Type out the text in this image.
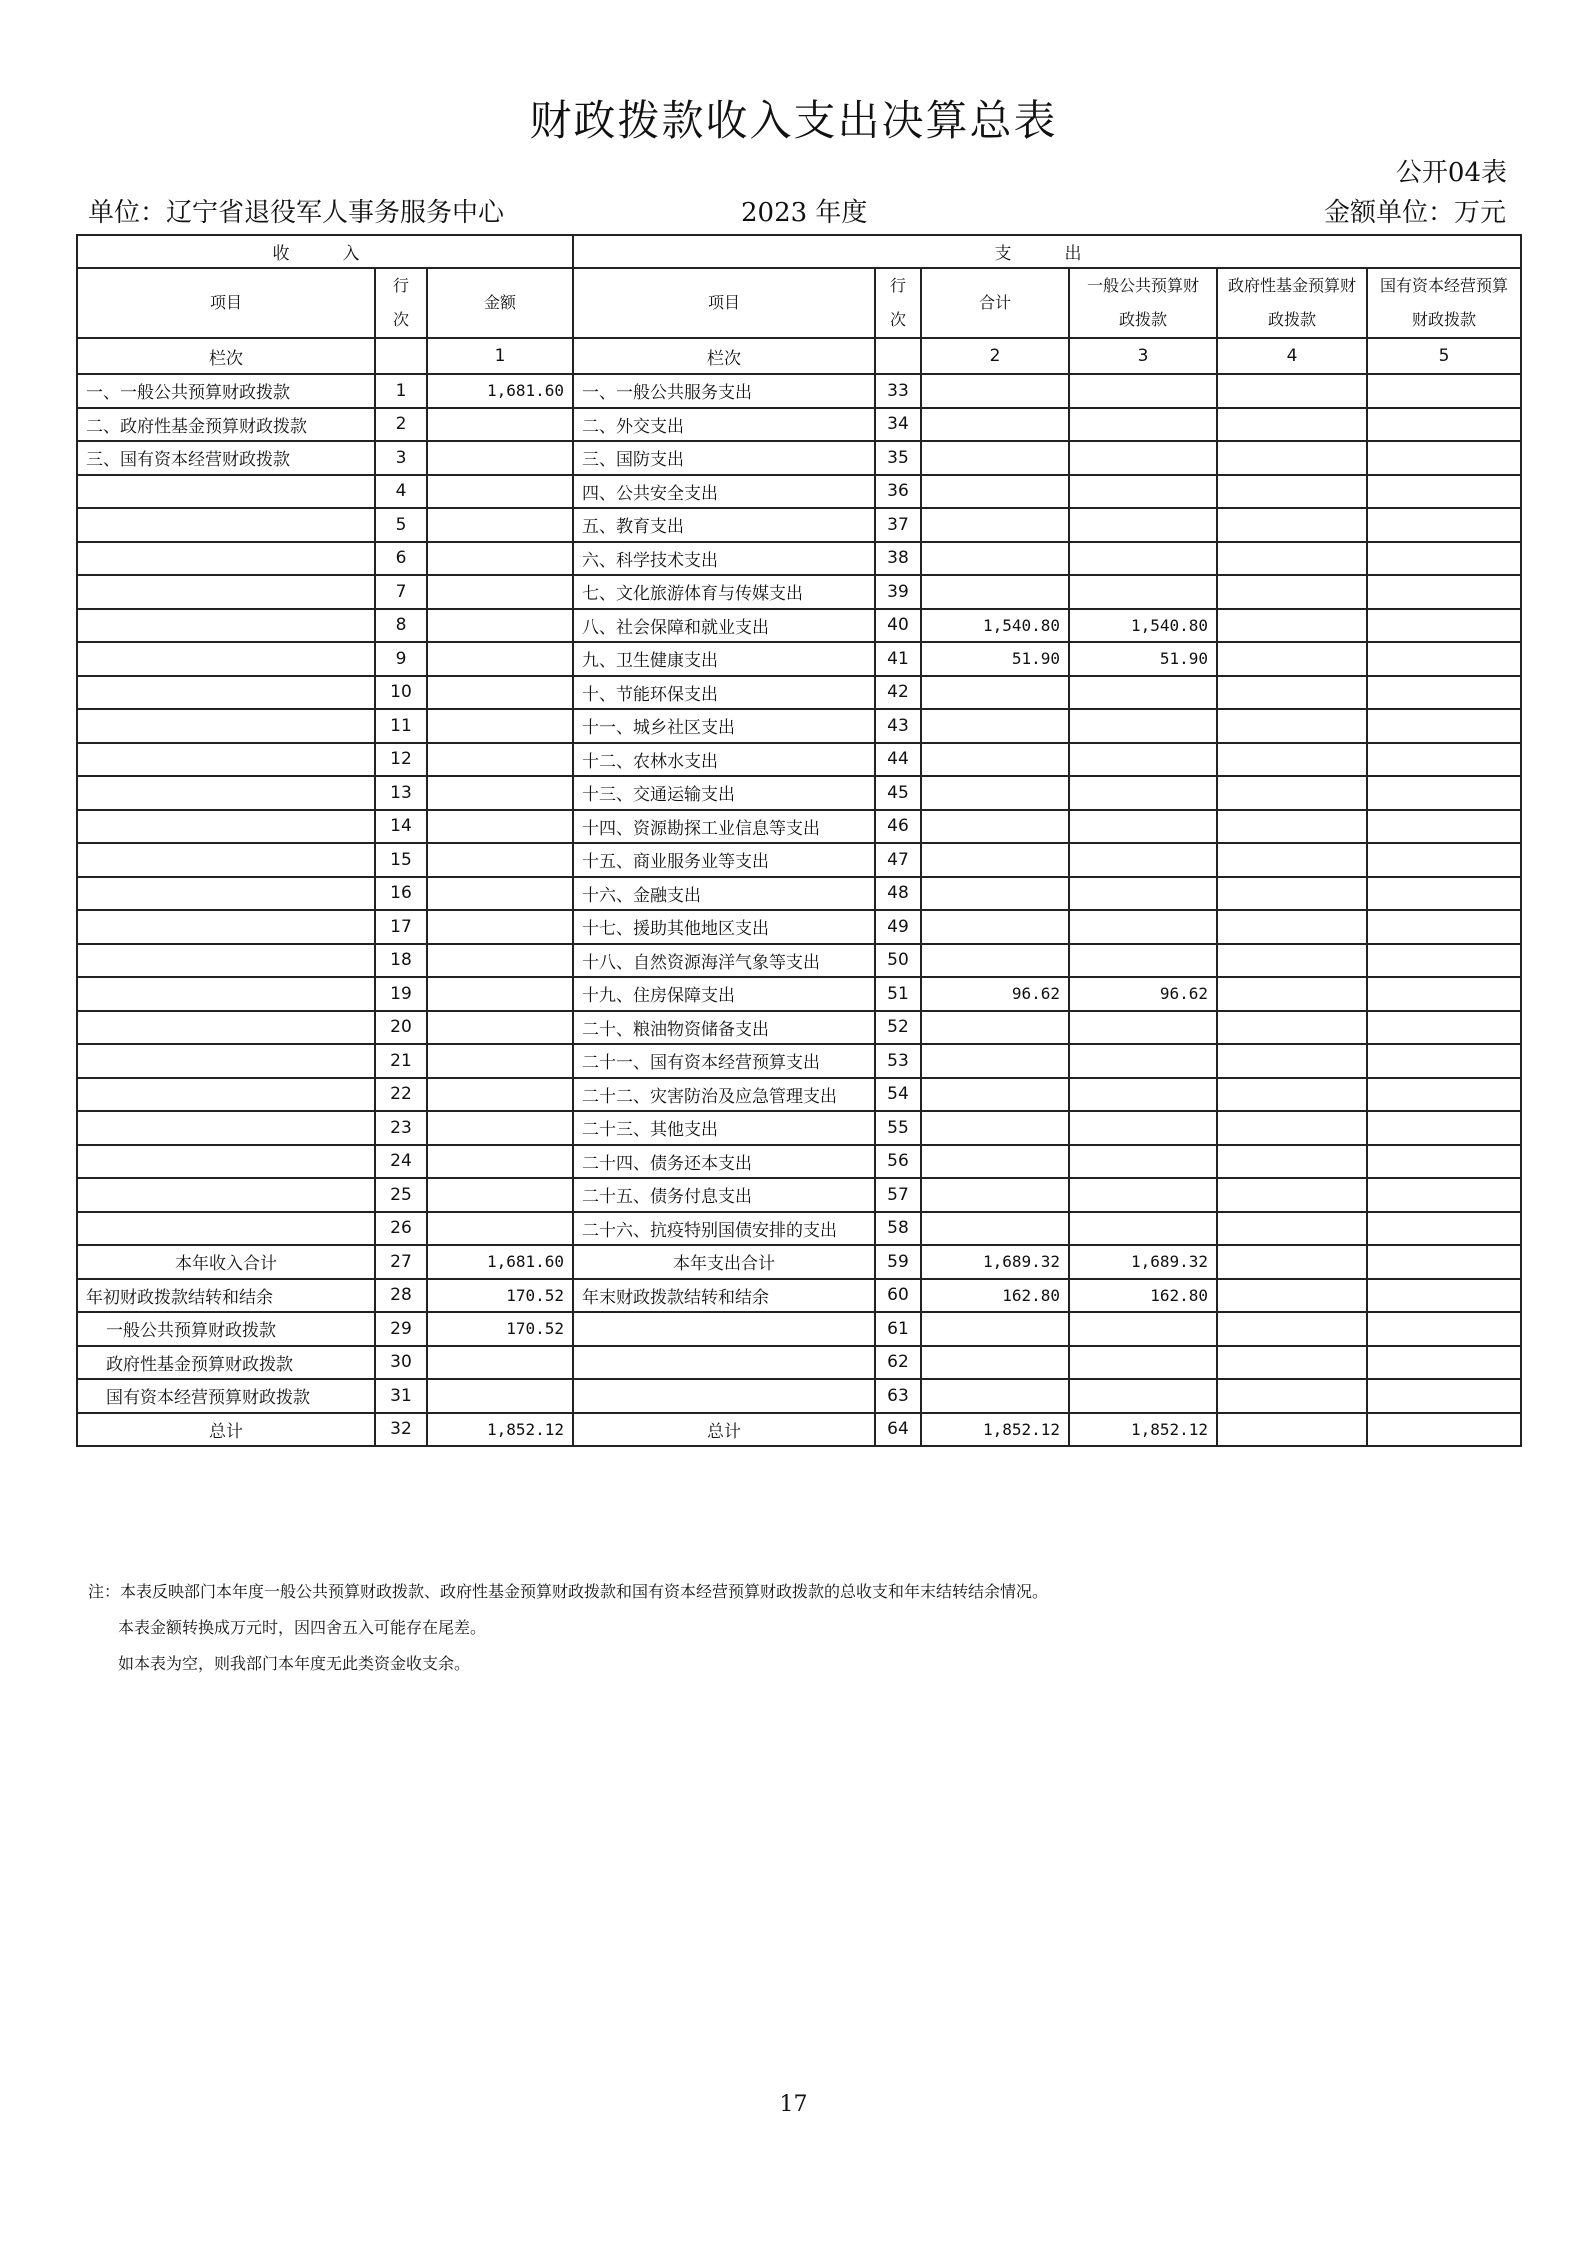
财政拨款收入支出决算总表
公开04表
单位：辽宁省退役军人事务服务中心	2023 年度	金额单位：万元
收　入			支　出					
项目	行次	金额	项目	行次	合计	一般公共预算财政拨款	政府性基金预算财政拨款	国有资本经营预算财政拨款
栏次		1	栏次		2	3	4	5
一、一般公共预算财政拨款	1	1,681.60	一、一般公共服务支出	33				
二、政府性基金预算财政拨款	2		二、外交支出	34				
三、国有资本经营财政拨款	3		三、国防支出	35				
	4		四、公共安全支出	36				
	5		五、教育支出	37				
	6		六、科学技术支出	38				
	7		七、文化旅游体育与传媒支出	39				
	8		八、社会保障和就业支出	40	1,540.80	1,540.80		
	9		九、卫生健康支出	41	51.90	51.90		
	10		十、节能环保支出	42				
	11		十一、城乡社区支出	43				
	12		十二、农林水支出	44				
	13		十三、交通运输支出	45				
	14		十四、资源勘探工业信息等支出	46				
	15		十五、商业服务业等支出	47				
	16		十六、金融支出	48				
	17		十七、援助其他地区支出	49				
	18		十八、自然资源海洋气象等支出	50				
	19		十九、住房保障支出	51	96.62	96.62		
	20		二十、粮油物资储备支出	52				
	21		二十一、国有资本经营预算支出	53				
	22		二十二、灾害防治及应急管理支出	54				
	23		二十三、其他支出	55				
	24		二十四、债务还本支出	56				
	25		二十五、债务付息支出	57				
	26		二十六、抗疫特别国债安排的支出	58				
本年收入合计	27	1,681.60	本年支出合计	59	1,689.32	1,689.32		
年初财政拨款结转和结余	28	170.52	年末财政拨款结转和结余	60	162.80	162.80		
一般公共预算财政拨款	29	170.52		61				
政府性基金预算财政拨款	30			62				
国有资本经营预算财政拨款	31			63				
总计	32	1,852.12	总计	64	1,852.12	1,852.12		
注：本表反映部门本年度一般公共预算财政拨款、政府性基金预算财政拨款和国有资本经营预算财政拨款的总收支和年末结转结余情况。
本表金额转换成万元时，因四舍五入可能存在尾差。
如本表为空，则我部门本年度无此类资金收支余。
17
